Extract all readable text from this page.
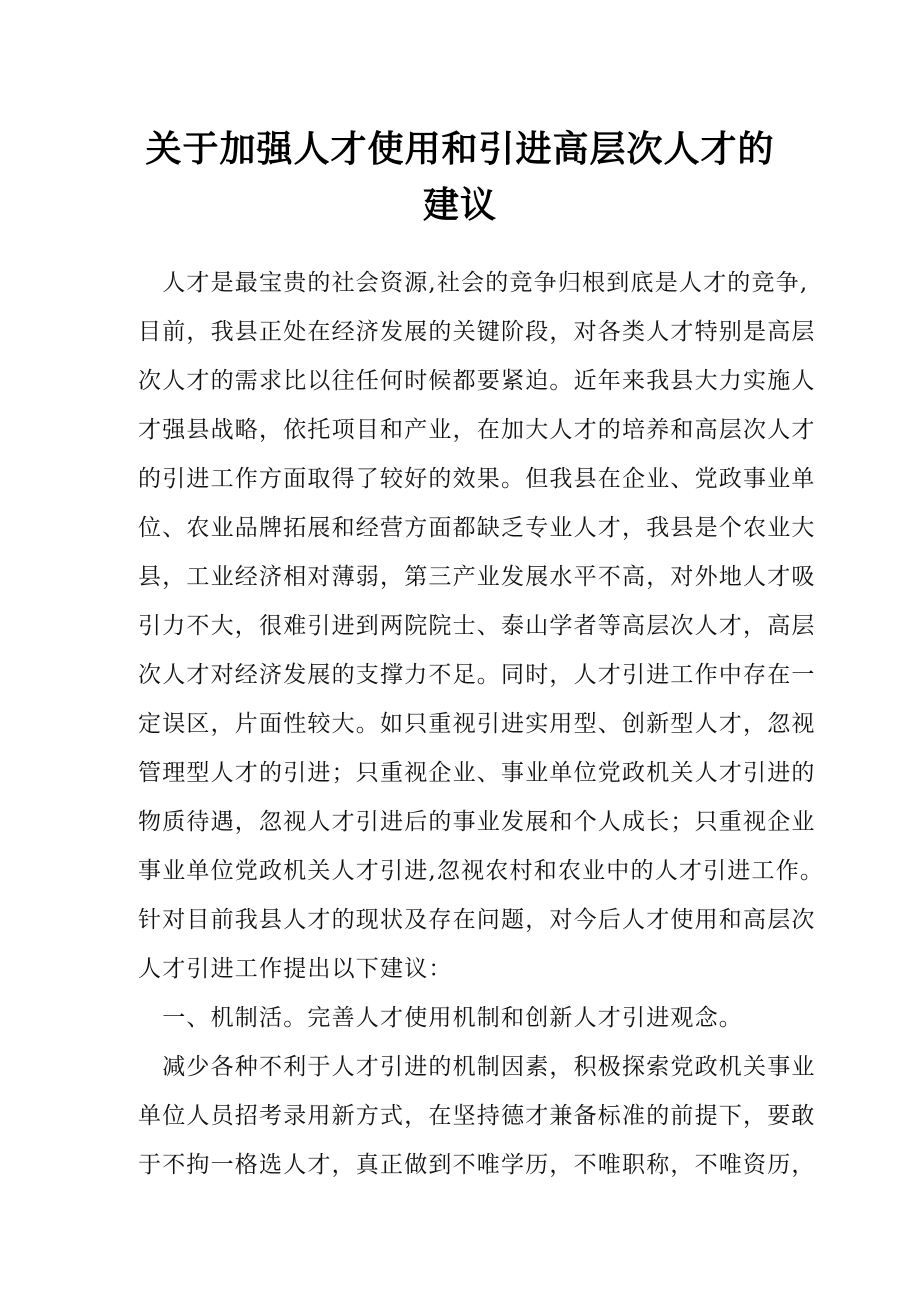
关于加强人才使用和引进高层次人才的建议

　人才是最宝贵的社会资源,社会的竞争归根到底是人才的竞争,

目前，我县正处在经济发展的关键阶段，对各类人才特别是高层

次人才的需求比以往任何时候都要紧迫。近年来我县大力实施人

才强县战略，依托项目和产业，在加大人才的培养和高层次人才

的引进工作方面取得了较好的效果。但我县在企业、党政事业单

位、农业品牌拓展和经营方面都缺乏专业人才，我县是个农业大

县，工业经济相对薄弱，第三产业发展水平不高，对外地人才吸

引力不大，很难引进到两院院士、泰山学者等高层次人才，高层

次人才对经济发展的支撑力不足。同时，人才引进工作中存在一

定误区，片面性较大。如只重视引进实用型、创新型人才，忽视

管理型人才的引进；只重视企业、事业单位党政机关人才引进的

物质待遇，忽视人才引进后的事业发展和个人成长；只重视企业

事业单位党政机关人才引进,忽视农村和农业中的人才引进工作。

针对目前我县人才的现状及存在问题，对今后人才使用和高层次

人才引进工作提出以下建议：

　一、机制活。完善人才使用机制和创新人才引进观念。

　减少各种不利于人才引进的机制因素，积极探索党政机关事业

单位人员招考录用新方式，在坚持德才兼备标准的前提下，要敢

于不拘一格选人才，真正做到不唯学历，不唯职称，不唯资历，
